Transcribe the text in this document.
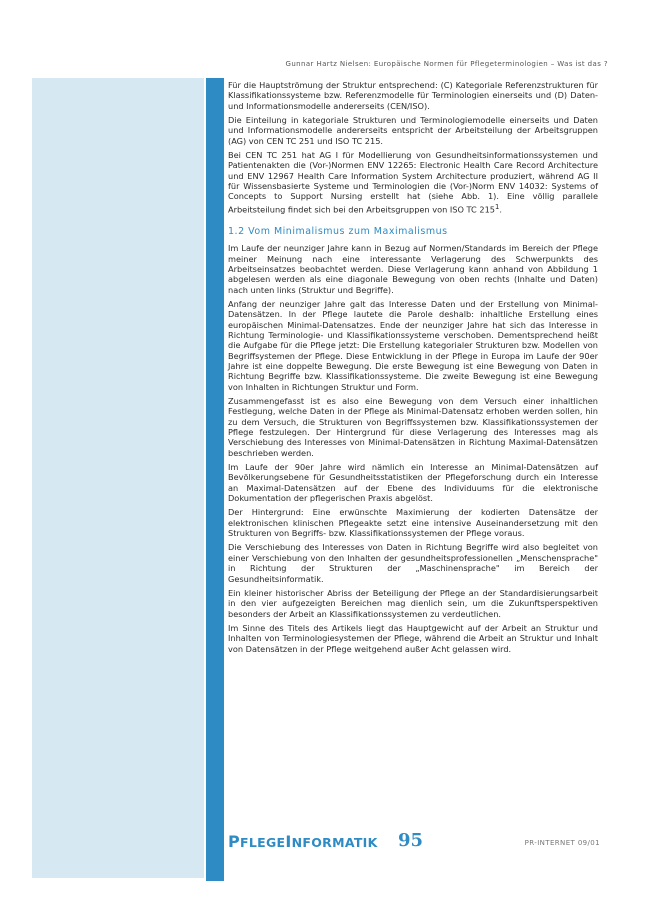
Gunnar Hartz Nielsen: Europäische Normen für Pflegeterminologien – Was ist das ?

Für die Hauptströmung der Struktur entsprechend: (C) Kategoriale Referenzstrukturen für Klassifikationssysteme bzw. Referenzmodelle für Terminologien einerseits und (D) Daten- und Informationsmodelle andererseits (CEN/ISO).

Die Einteilung in kategoriale Strukturen und Terminologiemodelle einerseits und Daten und Informationsmodelle andererseits entspricht der Arbeitsteilung der Arbeitsgruppen (AG) von CEN TC 251 und ISO TC 215.

Bei CEN TC 251 hat AG I für Modellierung von Gesundheitsinformationssystemen und Patientenakten die (Vor-)Normen ENV 12265: Electronic Health Care Record Architecture und ENV 12967 Health Care Information System Architecture produziert, während AG II für Wissensbasierte Systeme und Terminologien die (Vor-)Norm ENV 14032: Systems of Concepts to Support Nursing erstellt hat (siehe Abb. 1). Eine völlig parallele Arbeitsteilung findet sich bei den Arbeitsgruppen von ISO TC $215^1$.

1.2 Vom Minimalismus zum Maximalismus

Im Laufe der neunziger Jahre kann in Bezug auf Normen/Standards im Bereich der Pflege meiner Meinung nach eine interessante Verlagerung des Schwerpunkts des Arbeitseinsatzes beobachtet werden. Diese Verlagerung kann anhand von Abbildung 1 abgelesen werden als eine diagonale Bewegung von oben rechts (Inhalte und Daten) nach unten links (Struktur und Begriffe).

Anfang der neunziger Jahre galt das Interesse Daten und der Erstellung von Minimal-Datensätzen. In der Pflege lautete die Parole deshalb: inhaltliche Erstellung eines europäischen Minimal-Datensatzes. Ende der neunziger Jahre hat sich das Interesse in Richtung Terminologie- und Klassifikationssysteme verschoben. Dementsprechend heißt die Aufgabe für die Pflege jetzt: Die Erstellung kategorialer Strukturen bzw. Modellen von Begriffsystemen der Pflege. Diese Entwicklung in der Pflege in Europa im Laufe der 90er Jahre ist eine doppelte Bewegung. Die erste Bewegung ist eine Bewegung von Daten in Richtung Begriffe bzw. Klassifikationssysteme. Die zweite Bewegung ist eine Bewegung von Inhalten in Richtungen Struktur und Form.

Zusammengefasst ist es also eine Bewegung von dem Versuch einer inhaltlichen Festlegung, welche Daten in der Pflege als Minimal-Datensatz erhoben werden sollen, hin zu dem Versuch, die Strukturen von Begriffssystemen bzw. Klassifikationssystemen der Pflege festzulegen. Der Hintergrund für diese Verlagerung des Interesses mag als Verschiebung des Interesses von Minimal-Datensätzen in Richtung Maximal-Datensätzen beschrieben werden.

Im Laufe der 90er Jahre wird nämlich ein Interesse an Minimal-Datensätzen auf Bevölkerungsebene für Gesundheitsstatistiken der Pflegeforschung durch ein Interesse an Maximal-Datensätzen auf der Ebene des Individuums für die elektronische Dokumentation der pflegerischen Praxis abgelöst.

Der Hintergrund: Eine erwünschte Maximierung der kodierten Datensätze der elektronischen klinischen Pflegeakte setzt eine intensive Auseinandersetzung mit den Strukturen von Begriffs- bzw. Klassifikationssystemen der Pflege voraus.

Die Verschiebung des Interesses von Daten in Richtung Begriffe wird also begleitet von einer Verschiebung von den Inhalten der gesundheitsprofessionellen „Menschensprache" in Richtung der Strukturen der „Maschinensprache" im Bereich der Gesundheitsinformatik.

Ein kleiner historischer Abriss der Beteiligung der Pflege an der Standardisierungsarbeit in den vier aufgezeigten Bereichen mag dienlich sein, um die Zukunftsperspektiven besonders der Arbeit an Klassifikationssystemen zu verdeutlichen.

Im Sinne des Titels des Artikels liegt das Hauptgewicht auf der Arbeit an Struktur und Inhalten von Terminologiesystemen der Pflege, während die Arbeit an Struktur und Inhalt von Datensätzen in der Pflege weitgehend außer Acht gelassen wird.

PFLEGEINFORMATIK 95	PR-INTERNET 09/01
